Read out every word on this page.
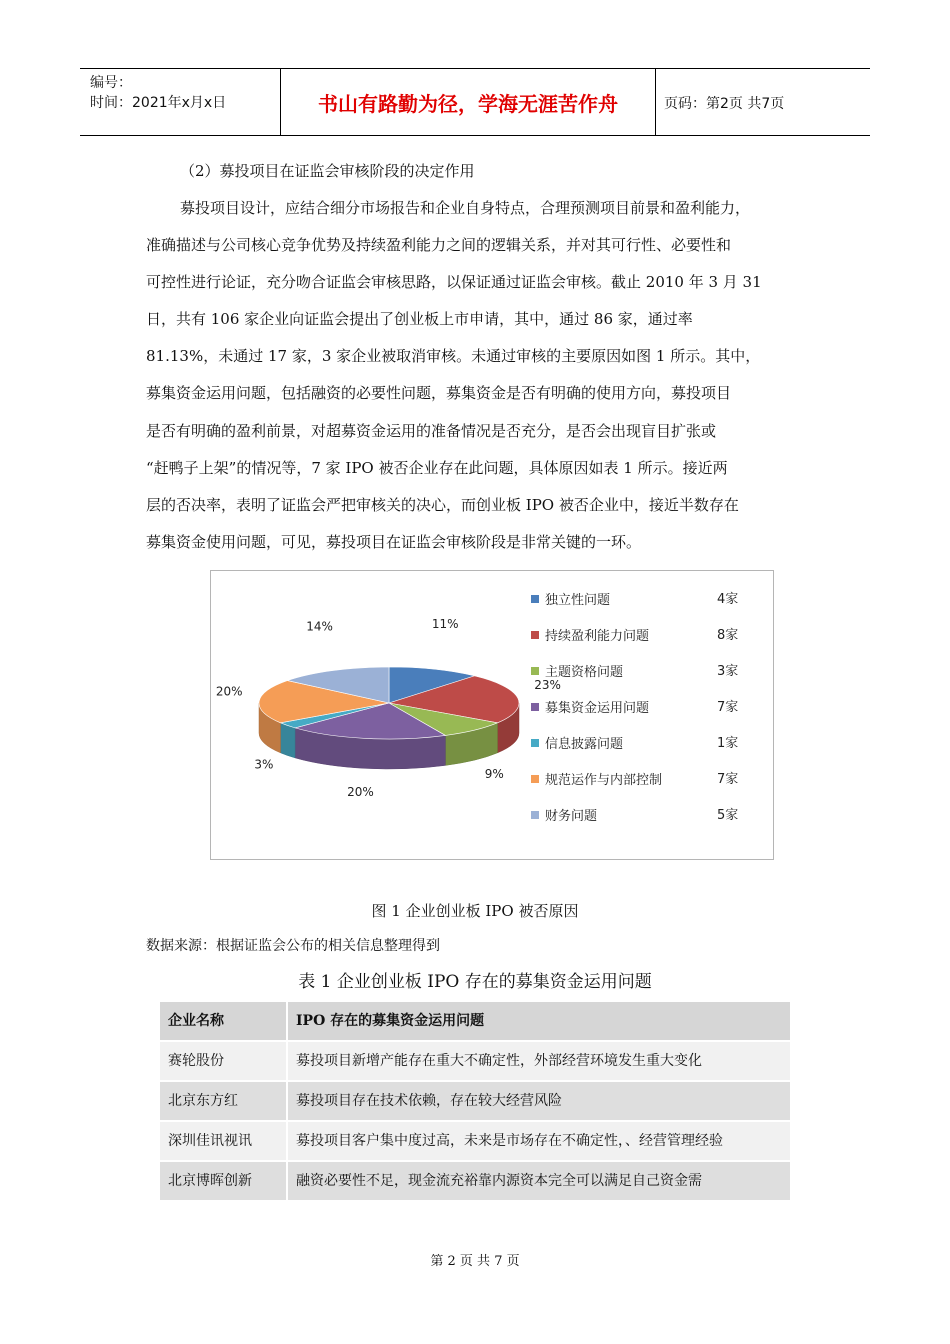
编号：
时间：2021年x月x日	书山有路勤为径，学海无涯苦作舟	页码：第2页 共7页
（2）募投项目在证监会审核阶段的决定作用
募投项目设计，应结合细分市场报告和企业自身特点，合理预测项目前景和盈利能力，
准确描述与公司核心竞争优势及持续盈利能力之间的逻辑关系，并对其可行性、必要性和
可控性进行论证，充分吻合证监会审核思路，以保证通过证监会审核。截止 2010 年 3 月 31
日，共有 106 家企业向证监会提出了创业板上市申请，其中，通过 86 家，通过率
81.13%，未通过 17 家，3 家企业被取消审核。未通过审核的主要原因如图 1 所示。其中，
募集资金运用问题，包括融资的必要性问题，募集资金是否有明确的使用方向，募投项目
是否有明确的盈利前景，对超募资金运用的准备情况是否充分，是否会出现盲目扩张或
“赶鸭子上架”的情况等，7 家 IPO 被否企业存在此问题，具体原因如表 1 所示。接近两
层的否决率，表明了证监会严把审核关的决心，而创业板 IPO 被否企业中，接近半数存在
募集资金使用问题，可见，募投项目在证监会审核阶段是非常关键的一环。
11%
23%
9%
20%
3%
20%
14%
独立性问题	4家
持续盈利能力问题	8家
主题资格问题	3家
募集资金运用问题	7家
信息披露问题	1家
规范运作与内部控制	7家
财务问题	5家
图 1 企业创业板 IPO 被否原因
数据来源：根据证监会公布的相关信息整理得到
表 1 企业创业板 IPO 存在的募集资金运用问题
企业名称	IPO 存在的募集资金运用问题
赛轮股份	募投项目新增产能存在重大不确定性，外部经营环境发生重大变化
北京东方红	募投项目存在技术依赖，存在较大经营风险
深圳佳讯视讯	募投项目客户集中度过高，未来是市场存在不确定性，、经营管理经验
北京博晖创新	融资必要性不足，现金流充裕靠内源资本完全可以满足自己资金需
第 2 页 共 7 页
